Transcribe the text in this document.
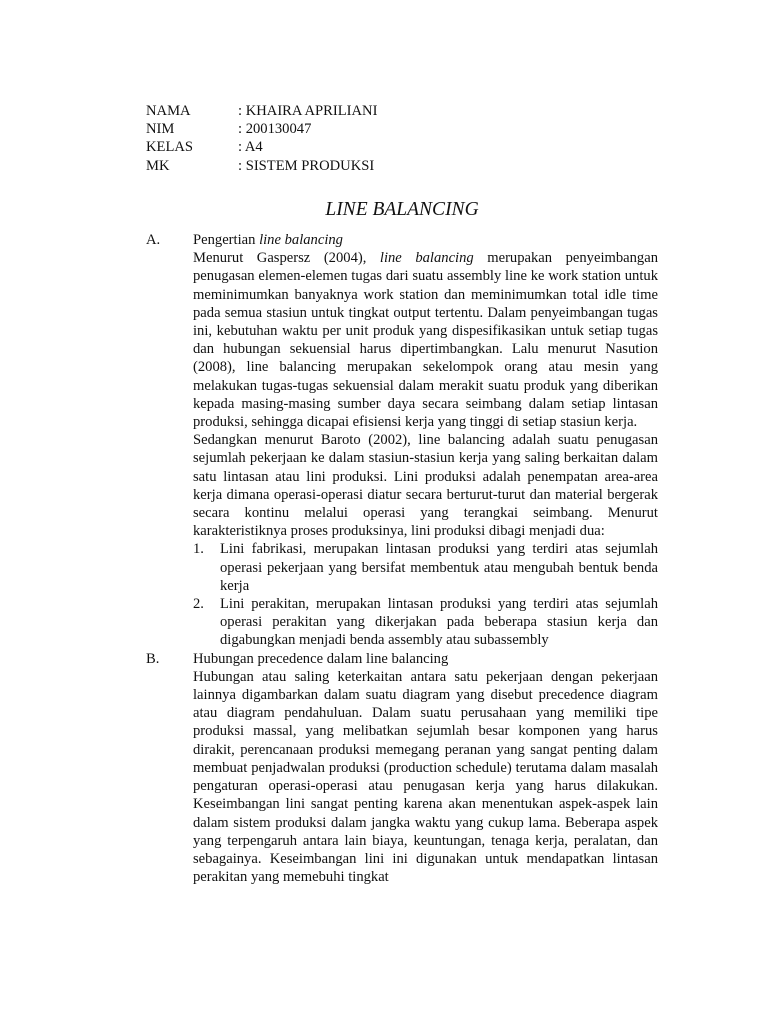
NAMA	: KHAIRA APRILIANI
NIM	: 200130047
KELAS	: A4
MK	: SISTEM PRODUKSI
LINE BALANCING
A. Pengertian line balancing

Menurut Gaspersz (2004), line balancing merupakan penyeimbangan penugasan elemen-elemen tugas dari suatu assembly line ke work station untuk meminimumkan banyaknya work station dan meminimumkan total idle time pada semua stasiun untuk tingkat output tertentu. Dalam penyeimbangan tugas ini, kebutuhan waktu per unit produk yang dispesifikasikan untuk setiap tugas dan hubungan sekuensial harus dipertimbangkan. Lalu menurut Nasution (2008), line balancing merupakan sekelompok orang atau mesin yang melakukan tugas-tugas sekuensial dalam merakit suatu produk yang diberikan kepada masing-masing sumber daya secara seimbang dalam setiap lintasan produksi, sehingga dicapai efisiensi kerja yang tinggi di setiap stasiun kerja.

Sedangkan menurut Baroto (2002), line balancing adalah suatu penugasan sejumlah pekerjaan ke dalam stasiun-stasiun kerja yang saling berkaitan dalam satu lintasan atau lini produksi. Lini produksi adalah penempatan area-area kerja dimana operasi-operasi diatur secara berturut-turut dan material bergerak secara kontinu melalui operasi yang terangkai seimbang. Menurut karakteristiknya proses produksinya, lini produksi dibagi menjadi dua:

1. Lini fabrikasi, merupakan lintasan produksi yang terdiri atas sejumlah operasi pekerjaan yang bersifat membentuk atau mengubah bentuk benda kerja
2. Lini perakitan, merupakan lintasan produksi yang terdiri atas sejumlah operasi perakitan yang dikerjakan pada beberapa stasiun kerja dan digabungkan menjadi benda assembly atau subassembly
B. Hubungan precedence dalam line balancing

Hubungan atau saling keterkaitan antara satu pekerjaan dengan pekerjaan lainnya digambarkan dalam suatu diagram yang disebut precedence diagram atau diagram pendahuluan. Dalam suatu perusahaan yang memiliki tipe produksi massal, yang melibatkan sejumlah besar komponen yang harus dirakit, perencanaan produksi memegang peranan yang sangat penting dalam membuat penjadwalan produksi (production schedule) terutama dalam masalah pengaturan operasi-operasi atau penugasan kerja yang harus dilakukan. Keseimbangan lini sangat penting karena akan menentukan aspek-aspek lain dalam sistem produksi dalam jangka waktu yang cukup lama. Beberapa aspek yang terpengaruh antara lain biaya, keuntungan, tenaga kerja, peralatan, dan sebagainya. Keseimbangan lini ini digunakan untuk mendapatkan lintasan perakitan yang memebuhi tingkat
